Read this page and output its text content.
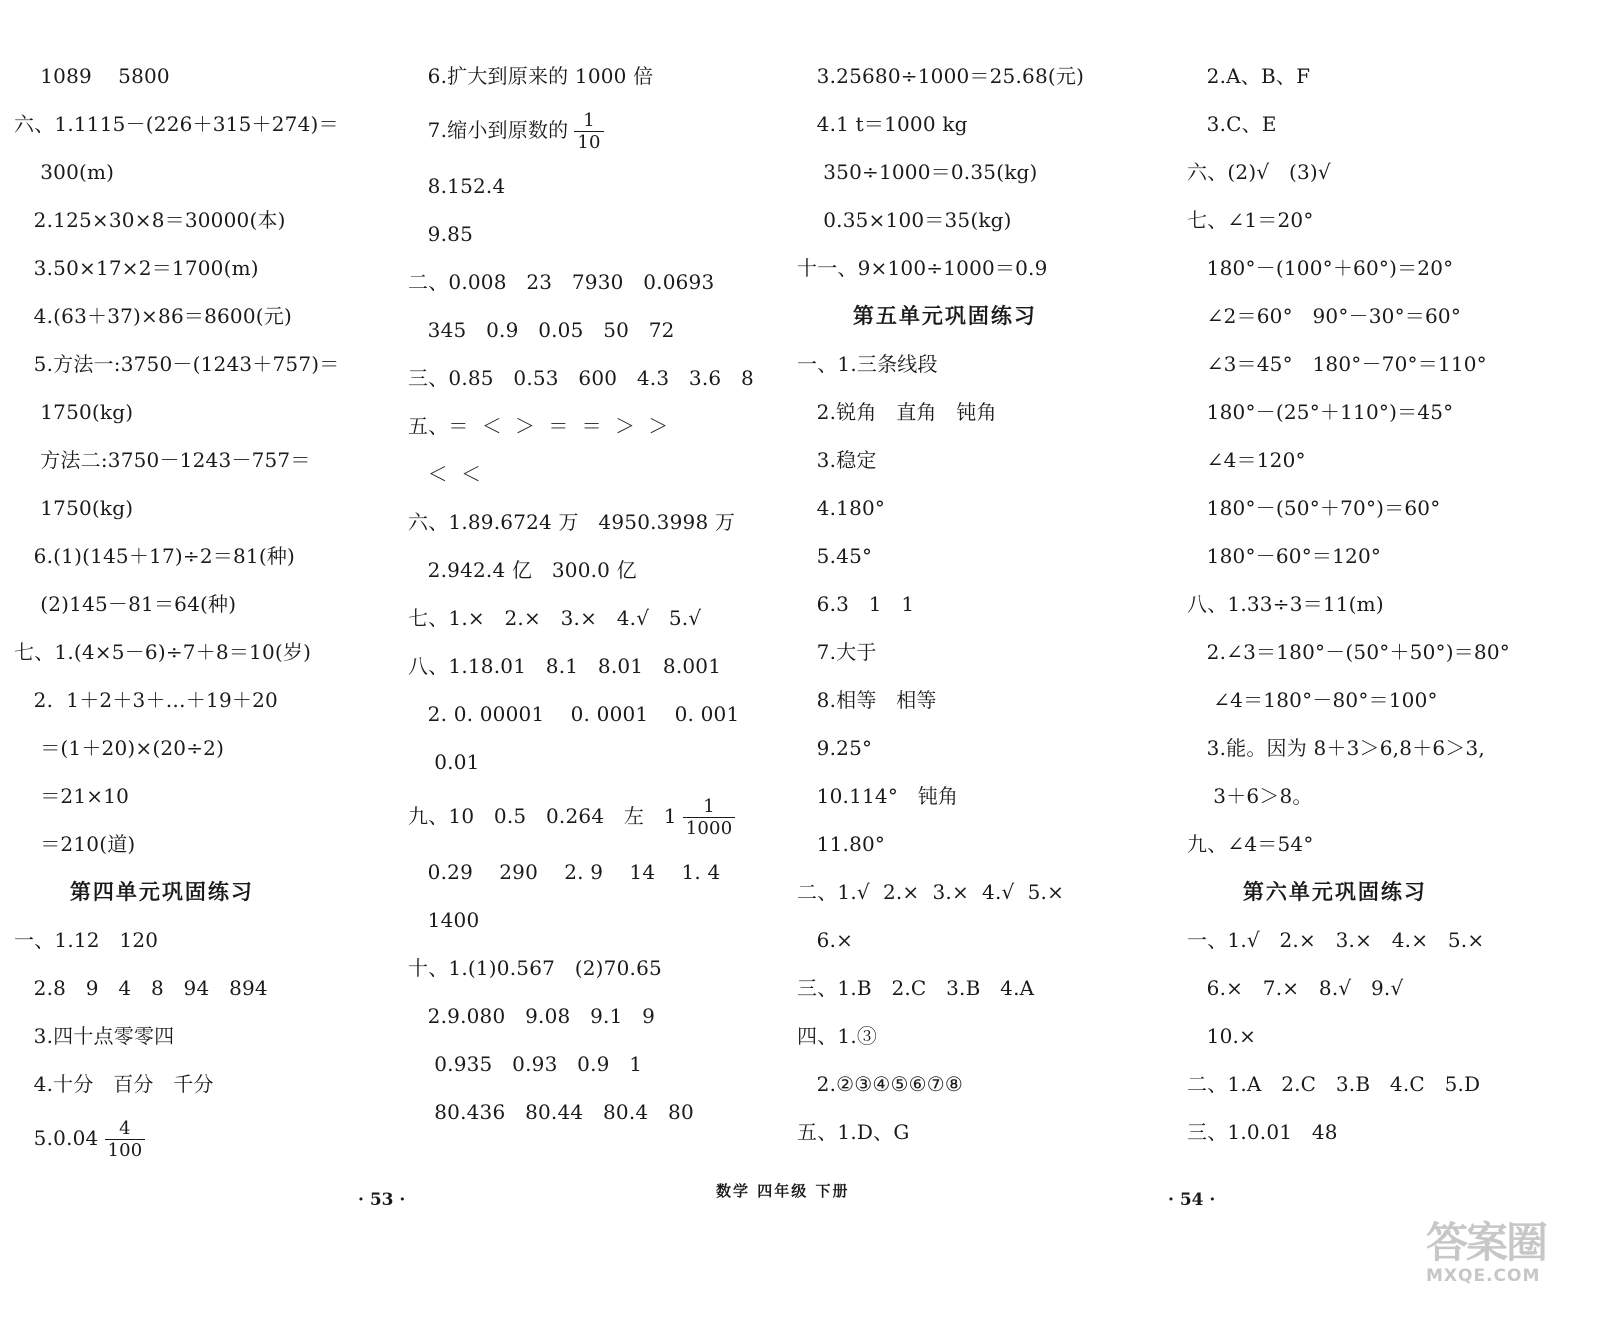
1089    5800
六、1.1115－(226＋315＋274)＝
300(m)
2.125×30×8＝30000(本)
3.50×17×2＝1700(m)
4.(63＋37)×86＝8600(元)
5.方法一:3750－(1243＋757)＝
1750(kg)
方法二:3750－1243－757＝
1750(kg)
6.(1)(145＋17)÷2＝81(种)
(2)145－81＝64(种)
七、1.(4×5－6)÷7＋8＝10(岁)
2.  1＋2＋3＋…＋19＋20
＝(1＋20)×(20÷2)
＝21×10
＝210(道)
第四单元巩固练习
一、1.12   120
2.8   9   4   8   94   894
3.四十点零零四
4.十分   百分   千分
$5.0.04 \frac{4}{100}$
6.扩大到原来的 1000 倍
7.缩小到原数的 $\frac{1}{10}$
8.152.4
9.85
二、0.008   23   7930   0.0693
345   0.9   0.05   50   72
三、0.85   0.53   600   4.3   3.6   8
五、＝  ＜  ＞  ＝  ＝  ＞  ＞
＜  ＜
六、1.89.6724 万   4950.3998 万
2.942.4 亿   300.0 亿
七、1.×   2.×   3.×   4.√   5.√
八、1.18.01   8.1   8.01   8.001
2. 0. 00001    0. 0001    0. 001
0.01
九、10   0.5   0.264   左   $1 \frac{1}{1000}$
0.29    290    2. 9    14    1. 4
1400
十、1.(1)0.567   (2)70.65
2.9.080   9.08   9.1   9
0.935   0.93   0.9   1
80.436   80.44   80.4   80
3.25680÷1000＝25.68(元)
4.1 t＝1000 kg
350÷1000＝0.35(kg)
0.35×100＝35(kg)
十一、9×100÷1000＝0.9
第五单元巩固练习
一、1.三条线段
2.锐角   直角   钝角
3.稳定
4.180°
5.45°
6.3   1   1
7.大于
8.相等   相等
9.25°
10.114°   钝角
11.80°
二、1.√  2.×  3.×  4.√  5.×
6.×
三、1.B   2.C   3.B   4.A
四、1.③
2.②③④⑤⑥⑦⑧
五、1.D、G
2.A、B、F
3.C、E
六、(2)√   (3)√
七、∠1＝20°
180°－(100°＋60°)＝20°
∠2＝60°   90°－30°＝60°
∠3＝45°   180°－70°＝110°
180°－(25°＋110°)＝45°
∠4＝120°
180°－(50°＋70°)＝60°
180°－60°＝120°
八、1.33÷3＝11(m)
2.∠3＝180°－(50°＋50°)＝80°
∠4＝180°－80°＝100°
3.能。因为 8＋3＞6,8＋6＞3,
3＋6＞8。
九、∠4＝54°
第六单元巩固练习
一、1.√   2.×   3.×   4.×   5.×
6.×   7.×   8.√   9.√
10.×
二、1.A   2.C   3.B   4.C   5.D
三、1.0.01   48
· 53 ·	数学 四年级 下册	· 54 ·
答案圈
MXQE.COM
